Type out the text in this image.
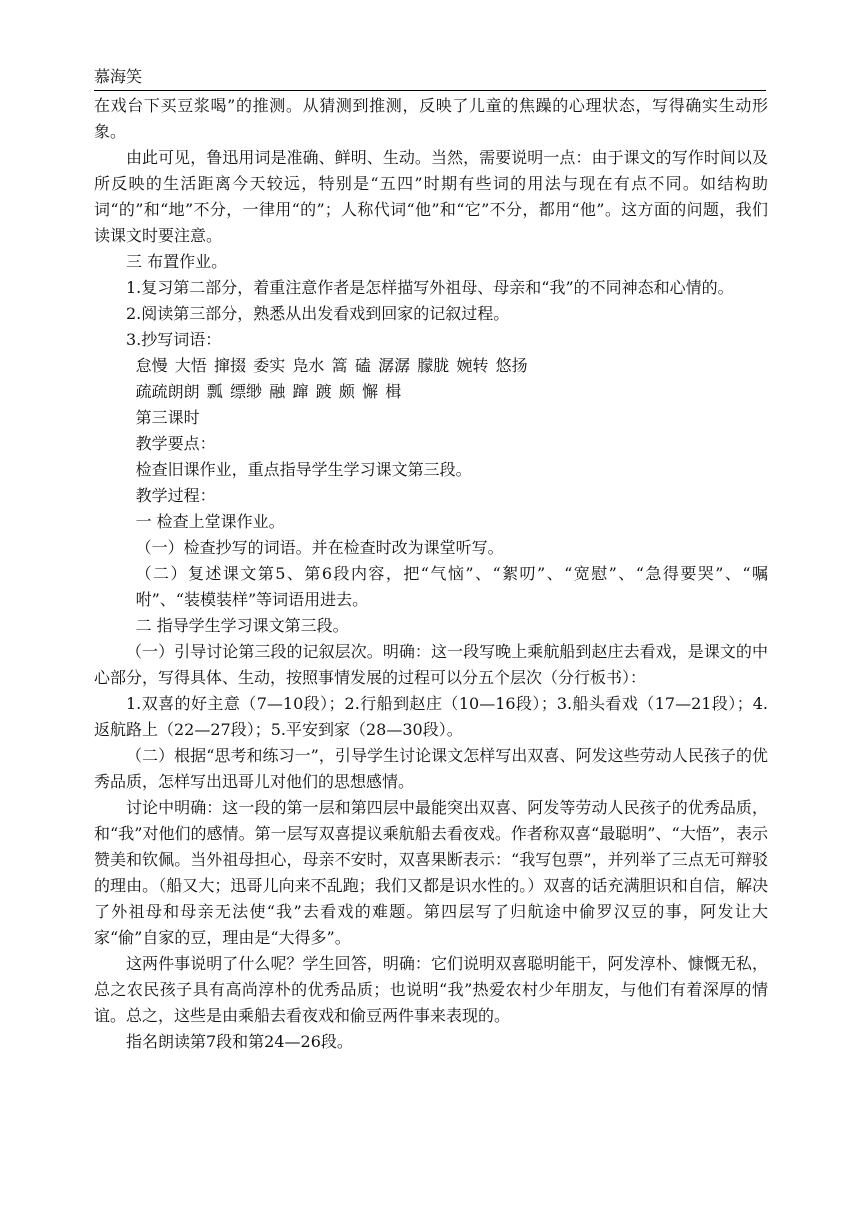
慕海笑

在戏台下买豆浆喝”的推测。从猜测到推测，反映了儿童的焦躁的心理状态，写得确实生动形象。

由此可见，鲁迅用词是准确、鲜明、生动。当然，需要说明一点：由于课文的写作时间以及所反映的生活距离今天较远，特别是“五四”时期有些词的用法与现在有点不同。如结构助词“的”和“地”不分，一律用“的”；人称代词“他”和“它”不分，都用“他”。这方面的问题，我们读课文时要注意。

三 布置作业。

1.复习第二部分，着重注意作者是怎样描写外祖母、母亲和“我”的不同神态和心情的。

2.阅读第三部分，熟悉从出发看戏到回家的记叙过程。

3.抄写词语：

怠慢 大悟 撺掇 委实 凫水 篙 磕 潺潺 朦胧 婉转 悠扬
疏疏朗朗 瓢 缥缈 融 蹿 踱 颇 懈 楫

第三课时

教学要点：

检查旧课作业，重点指导学生学习课文第三段。

教学过程：

一 检查上堂课作业。

（一）检查抄写的词语。并在检查时改为课堂听写。

（二）复述课文第5、第6段内容，把“气恼”、“絮叨”、“宽慰”、“急得要哭”、“嘱咐”、“装模装样”等词语用进去。

二 指导学生学习课文第三段。

（一）引导讨论第三段的记叙层次。明确：这一段写晚上乘航船到赵庄去看戏，是课文的中心部分，写得具体、生动，按照事情发展的过程可以分五个层次（分行板书）：

1.双喜的好主意（7—10段）；2.行船到赵庄（10—16段）；3.船头看戏（17—21段）；4.返航路上（22—27段）；5.平安到家（28—30段）。

（二）根据“思考和练习一”，引导学生讨论课文怎样写出双喜、阿发这些劳动人民孩子的优秀品质，怎样写出迅哥儿对他们的思想感情。

讨论中明确：这一段的第一层和第四层中最能突出双喜、阿发等劳动人民孩子的优秀品质，和“我”对他们的感情。第一层写双喜提议乘航船去看夜戏。作者称双喜“最聪明”、“大悟”，表示赞美和钦佩。当外祖母担心，母亲不安时，双喜果断表示：“我写包票”，并列举了三点无可辩驳的理由。（船又大；迅哥儿向来不乱跑；我们又都是识水性的。）双喜的话充满胆识和自信，解决了外祖母和母亲无法使“我”去看戏的难题。第四层写了归航途中偷罗汉豆的事，阿发让大家“偷”自家的豆，理由是“大得多”。

这两件事说明了什么呢？学生回答，明确：它们说明双喜聪明能干，阿发淳朴、慷慨无私，总之农民孩子具有高尚淳朴的优秀品质；也说明“我”热爱农村少年朋友，与他们有着深厚的情谊。总之，这些是由乘船去看夜戏和偷豆两件事来表现的。

指名朗读第7段和第24—26段。
